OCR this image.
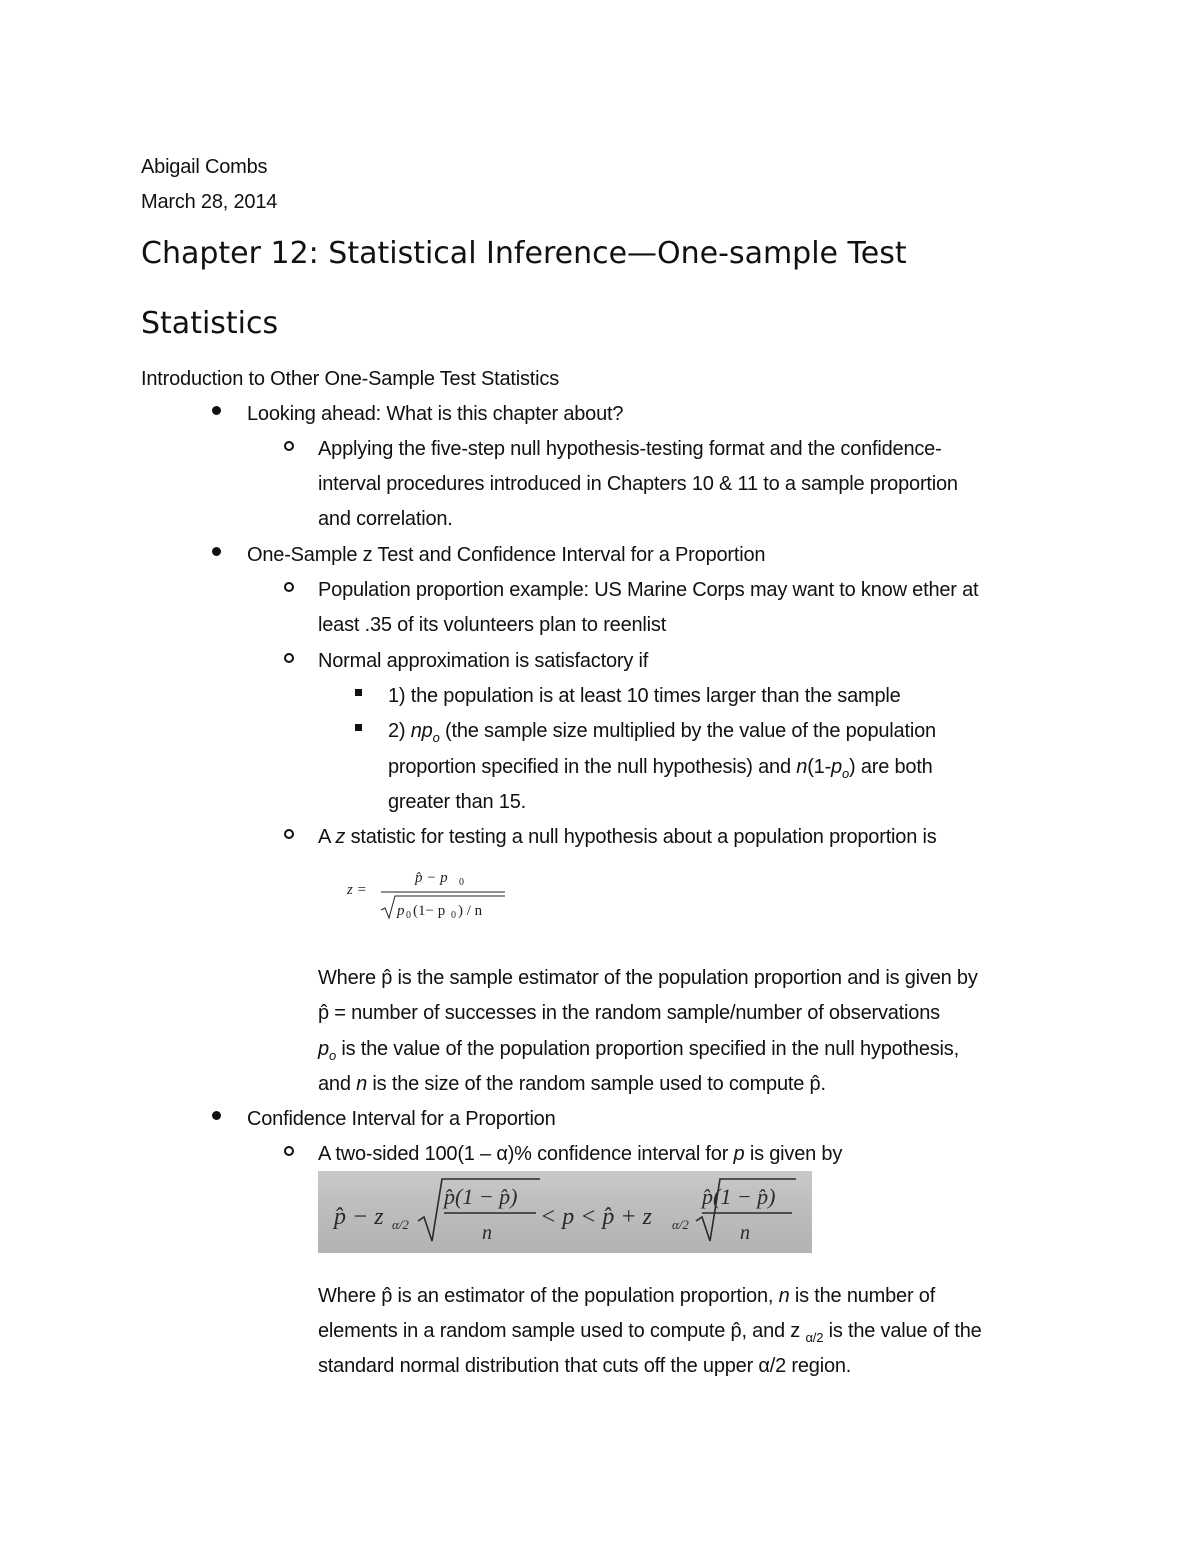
Abigail Combs
March 28, 2014
Chapter 12: Statistical Inference—One-sample Test
Statistics
Introduction to Other One-Sample Test Statistics
Looking ahead: What is this chapter about?
Applying the five-step null hypothesis-testing format and the confidence-
interval procedures introduced in Chapters 10 & 11 to a sample proportion
and correlation.
One-Sample z Test and Confidence Interval for a Proportion
Population proportion example: US Marine Corps may want to know ether at
least .35 of its volunteers plan to reenlist
Normal approximation is satisfactory if
1) the population is at least 10 times larger than the sample
2) $np_o$ (the sample size multiplied by the value of the population
proportion specified in the null hypothesis) and $n(1-p_o)$ are both
greater than 15.
A z statistic for testing a null hypothesis about a population proportion is
z =
p̂ − p 0
p 0 (1− p 0 ) / n
Where p̂ is the sample estimator of the population proportion and is given by
p̂ = number of successes in the random sample/number of observations
$p_o$ is the value of the population proportion specified in the null hypothesis,
and n is the size of the random sample used to compute p̂.
Confidence Interval for a Proportion
A two-sided 100(1 – α)% confidence interval for p is given by
p̂ − z α/2
p̂(1 − p̂)
n
< p < p̂ + z α/2
p̂(1 − p̂)
n
Where p̂ is an estimator of the population proportion, n is the number of
elements in a random sample used to compute p̂, and z $_{\alpha/2}$ is the value of the
standard normal distribution that cuts off the upper α/2 region.
